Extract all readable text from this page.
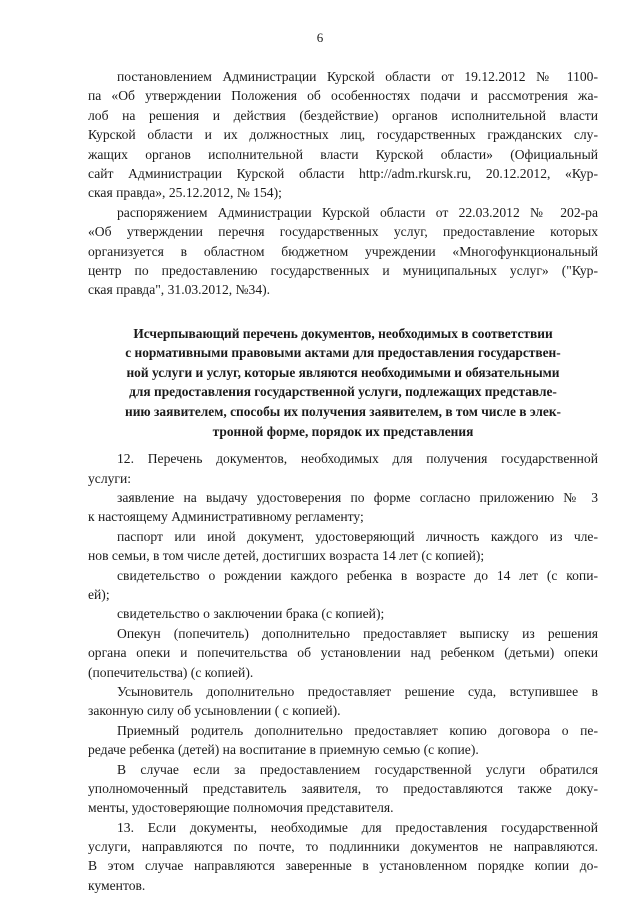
6
постановлением Администрации Курской области от 19.12.2012 № 1100-
па «Об утверждении Положения об особенностях подачи и рассмотрения жа-
лоб на решения и действия (бездействие) органов исполнительной власти
Курской области и их должностных лиц, государственных гражданских слу-
жащих органов исполнительной власти Курской области» (Официальный
сайт Администрации Курской области http://adm.rkursk.ru, 20.12.2012, «Кур-
ская правда», 25.12.2012, № 154);
распоряжением Администрации Курской области от 22.03.2012 № 202-ра
«Об утверждении перечня государственных услуг, предоставление которых
организуется в областном бюджетном учреждении «Многофункциональный
центр по предоставлению государственных и муниципальных услуг» ("Кур-
ская правда", 31.03.2012, №34).
Исчерпывающий перечень документов, необходимых в соответствии
с нормативными правовыми актами для предоставления государствен-
ной услуги и услуг, которые являются необходимыми и обязательными
для предоставления государственной услуги, подлежащих представле-
нию заявителем, способы их получения заявителем, в том числе в элек-
тронной форме, порядок их представления
12. Перечень документов, необходимых для получения государственной
услуги:
заявление на выдачу удостоверения по форме согласно приложению № 3
к настоящему Административному регламенту;
паспорт или иной документ, удостоверяющий личность каждого из чле-
нов семьи, в том числе детей, достигших возраста 14 лет (с копией);
свидетельство о рождении каждого ребенка в возрасте до 14 лет (с копи-
ей);
свидетельство о заключении брака (с копией);
Опекун (попечитель) дополнительно предоставляет выписку из решения
органа опеки и попечительства об установлении над ребенком (детьми) опеки
(попечительства) (с копией).
Усыновитель дополнительно предоставляет решение суда, вступившее в
законную силу об усыновлении ( с копией).
Приемный родитель дополнительно предоставляет копию договора о пе-
редаче ребенка (детей) на воспитание в приемную семью (с копие).
В случае если за предоставлением государственной услуги обратился
уполномоченный представитель заявителя, то предоставляются также доку-
менты, удостоверяющие полномочия представителя.
13. Если документы, необходимые для предоставления государственной
услуги, направляются по почте, то подлинники документов не направляются.
В этом случае направляются заверенные в установленном порядке копии до-
кументов.
